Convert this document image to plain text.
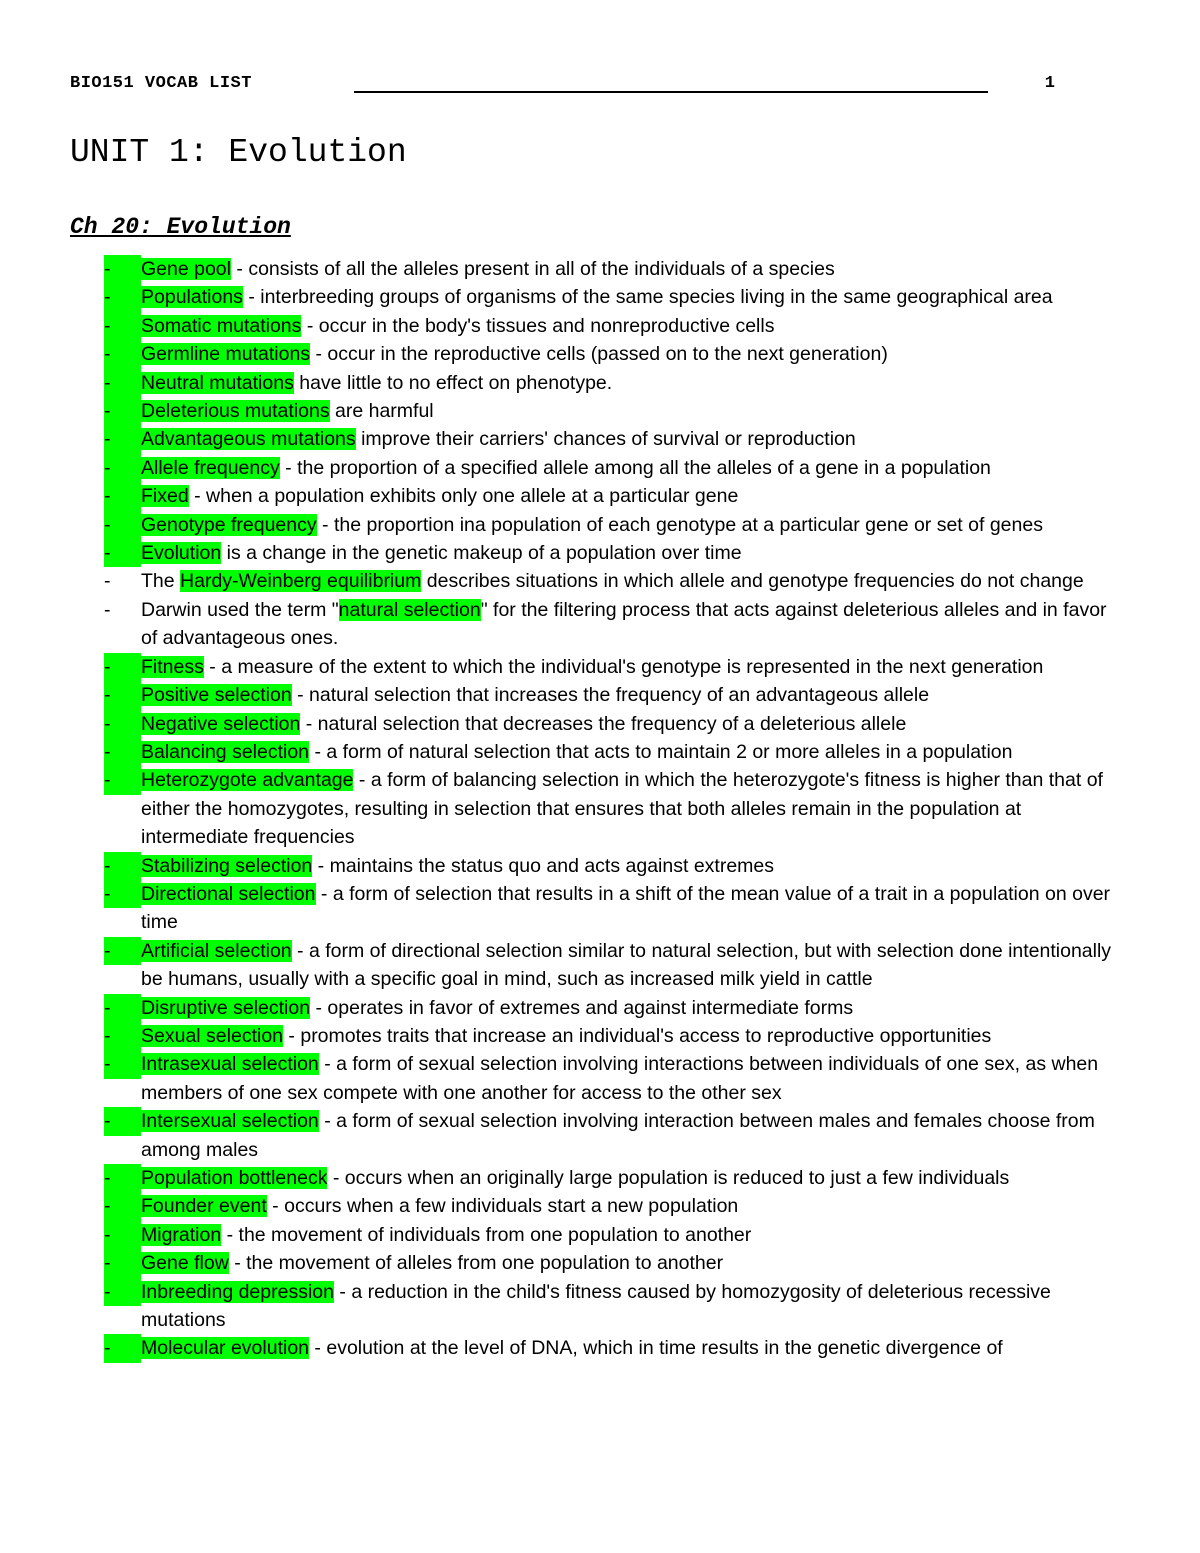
BIO151 VOCAB LIST	1
UNIT 1: Evolution
Ch 20: Evolution
-	Gene pool - consists of all the alleles present in all of the individuals of a species
-	Populations - interbreeding groups of organisms of the same species living in the same geographical area
-	Somatic mutations - occur in the body's tissues and nonreproductive cells
-	Germline mutations - occur in the reproductive cells (passed on to the next generation)
-	Neutral mutations have little to no effect on phenotype.
-	Deleterious mutations are harmful
-	Advantageous mutations improve their carriers' chances of survival or reproduction
-	Allele frequency - the proportion of a specified allele among all the alleles of a gene in a population
-	Fixed - when a population exhibits only one allele at a particular gene
-	Genotype frequency - the proportion ina population of each genotype at a particular gene or set of genes
-	Evolution is a change in the genetic makeup of a population over time
- The Hardy-Weinberg equilibrium describes situations in which allele and genotype frequencies do not change
- Darwin used the term "natural selection" for the filtering process that acts against deleterious alleles and in favor of advantageous ones.
-	Fitness - a measure of the extent to which the individual's genotype is represented in the next generation
-	Positive selection - natural selection that increases the frequency of an advantageous allele
-	Negative selection - natural selection that decreases the frequency of a deleterious allele
-	Balancing selection - a form of natural selection that acts to maintain 2 or more alleles in a population
-	Heterozygote advantage - a form of balancing selection in which the heterozygote's fitness is higher than that of either the homozygotes, resulting in selection that ensures that both alleles remain in the population at intermediate frequencies
-	Stabilizing selection - maintains the status quo and acts against extremes
-	Directional selection - a form of selection that results in a shift of the mean value of a trait in a population on over time
-	Artificial selection - a form of directional selection similar to natural selection, but with selection done intentionally be humans, usually with a specific goal in mind, such as increased milk yield in cattle
-	Disruptive selection - operates in favor of extremes and against intermediate forms
-	Sexual selection - promotes traits that increase an individual's access to reproductive opportunities
-	Intrasexual selection - a form of sexual selection involving interactions between individuals of one sex, as when members of one sex compete with one another for access to the other sex
-	Intersexual selection - a form of sexual selection involving interaction between males and females choose from among males
-	Population bottleneck - occurs when an originally large population is reduced to just a few individuals
-	Founder event - occurs when a few individuals start a new population
-	Migration - the movement of individuals from one population to another
-	Gene flow - the movement of alleles from one population to another
-	Inbreeding depression - a reduction in the child's fitness caused by homozygosity of deleterious recessive mutations
-	Molecular evolution - evolution at the level of DNA, which in time results in the genetic divergence of
